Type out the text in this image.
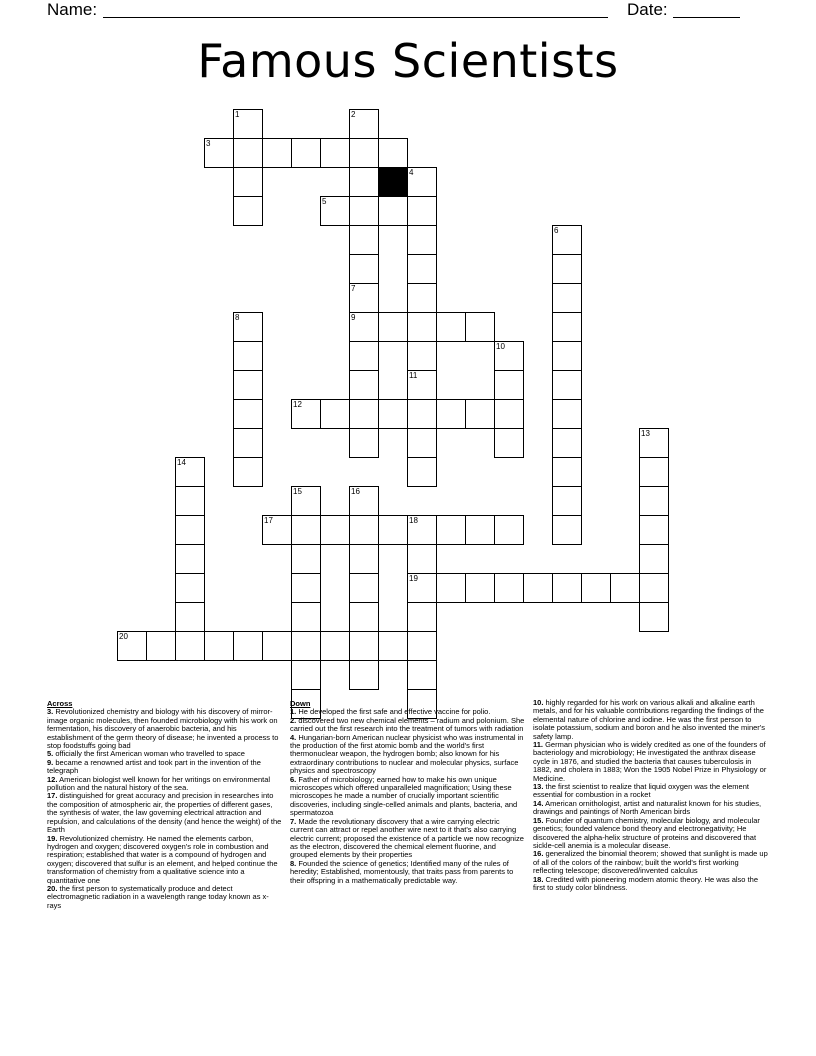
Name:	Date:
Famous Scientists
3
5
9
12
17	18
19
20
1	2
4
6
7
8
10
11
13
14
15	16
Across
3. Revolutionized chemistry and biology with his discovery of mirror-image organic molecules, then founded microbiology with his work on fermentation, his discovery of anaerobic bacteria, and his establishment of the germ theory of disease; he invented a process to stop foodstuffs going bad
5. officially the first American woman who travelled to space
9. became a renowned artist and took part in the invention of the telegraph
12. American biologist well known for her writings on environmental pollution and the natural history of the sea.
17. distinguished for great accuracy and precision in researches into the composition of atmospheric air, the properties of different gases, the synthesis of water, the law governing electrical attraction and repulsion, and calculations of the density (and hence the weight) of the Earth
19. Revolutionized chemistry. He named the elements carbon, hydrogen and oxygen; discovered oxygen's role in combustion and respiration; established that water is a compound of hydrogen and oxygen; discovered that sulfur is an element, and helped continue the transformation of chemistry from a qualitative science into a quantitative one
20. the first person to systematically produce and detect electromagnetic radiation in a wavelength range today known as x-rays
Down
1. He developed the first safe and effective vaccine for polio.
2. discovered two new chemical elements – radium and polonium. She carried out the first research into the treatment of tumors with radiation
4. Hungarian-born American nuclear physicist who was instrumental in the production of the first atomic bomb and the world's first thermonuclear weapon, the hydrogen bomb; also known for his extraordinary contributions to nuclear and molecular physics, surface physics and spectroscopy
6. Father of microbiology; earned how to make his own unique microscopes which offered unparalleled magnification; Using these microscopes he made a number of crucially important scientific discoveries, including single-celled animals and plants, bacteria, and spermatozoa
7. Made the revolutionary discovery that a wire carrying electric current can attract or repel another wire next to it that's also carrying electric current; proposed the existence of a particle we now recognize as the electron, discovered the chemical element fluorine, and grouped elements by their properties
8. Founded the science of genetics; Identified many of the rules of heredity; Established, momentously, that traits pass from parents to their offspring in a mathematically predictable way.
10. highly regarded for his work on various alkali and alkaline earth metals, and for his valuable contributions regarding the findings of the elemental nature of chlorine and iodine. He was the first person to isolate potassium, sodium and boron and he also invented the miner's safety lamp.
11. German physician who is widely credited as one of the founders of bacteriology and microbiology; He investigated the anthrax disease cycle in 1876, and studied the bacteria that causes tuberculosis in 1882, and cholera in 1883; Won the 1905 Nobel Prize in Physiology or Medicine.
13. the first scientist to realize that liquid oxygen was the element essential for combustion in a rocket
14. American ornithologist, artist and naturalist known for his studies, drawings and paintings of North American birds
15. Founder of quantum chemistry, molecular biology, and molecular genetics; founded valence bond theory and electronegativity; He discovered the alpha-helix structure of proteins and discovered that sickle-cell anemia is a molecular disease.
16. generalized the binomial theorem; showed that sunlight is made up of all of the colors of the rainbow; built the world's first working reflecting telescope; discovered/invented calculus
18. Credited with pioneering modern atomic theory. He was also the first to study color blindness.
